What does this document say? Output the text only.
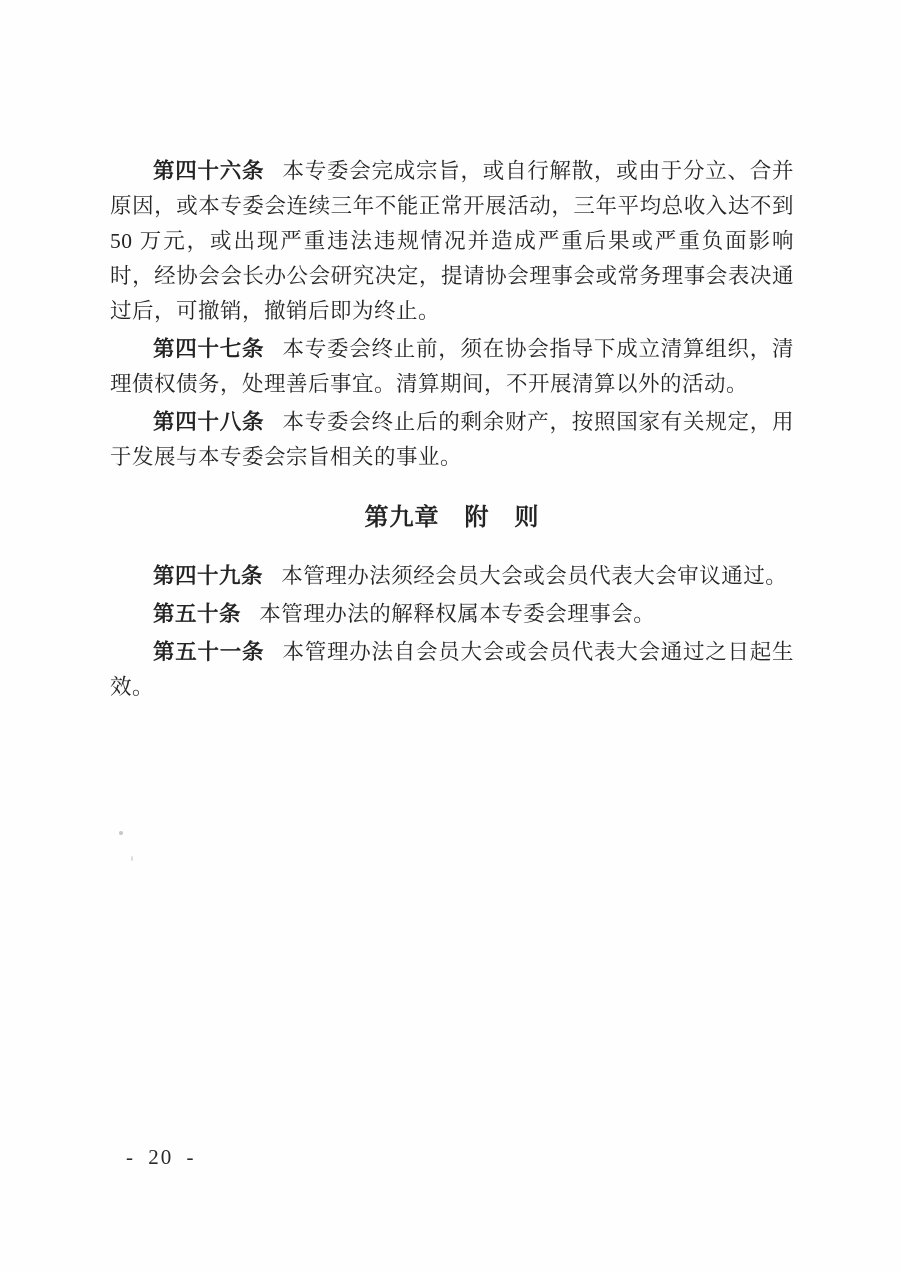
第四十六条 本专委会完成宗旨，或自行解散，或由于分立、合并原因，或本专委会连续三年不能正常开展活动，三年平均总收入达不到 50 万元，或出现严重违法违规情况并造成严重后果或严重负面影响时，经协会会长办公会研究决定，提请协会理事会或常务理事会表决通过后，可撤销，撤销后即为终止。

第四十七条 本专委会终止前，须在协会指导下成立清算组织，清理债权债务，处理善后事宜。清算期间，不开展清算以外的活动。

第四十八条 本专委会终止后的剩余财产，按照国家有关规定，用于发展与本专委会宗旨相关的事业。

第九章　附　则

第四十九条 本管理办法须经会员大会或会员代表大会审议通过。

第五十条 本管理办法的解释权属本专委会理事会。

第五十一条 本管理办法自会员大会或会员代表大会通过之日起生效。

- 20 -
